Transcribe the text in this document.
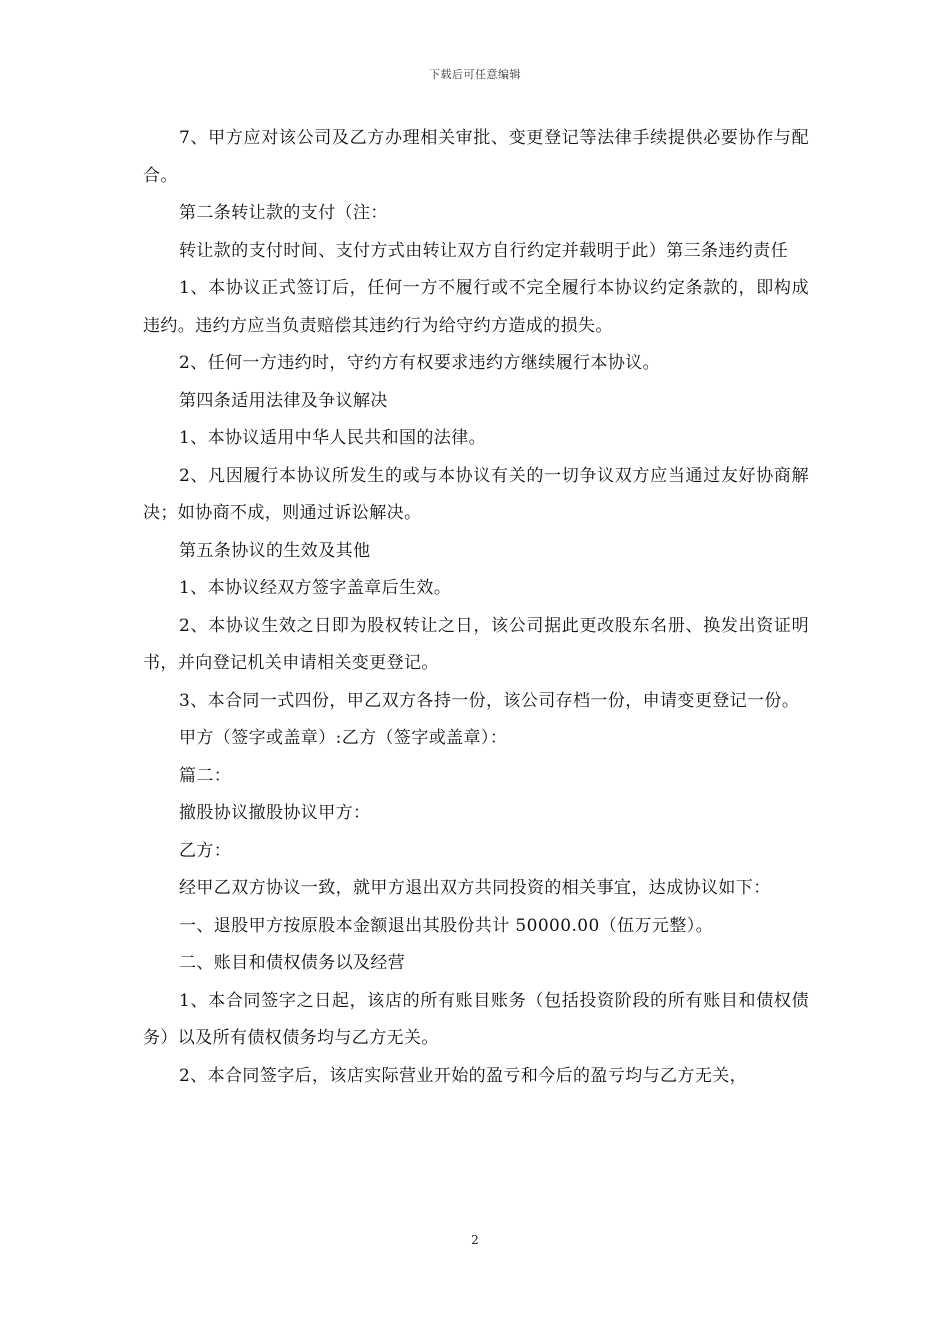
下载后可任意编辑

7、甲方应对该公司及乙方办理相关审批、变更登记等法律手续提供必要协作与配合。

第二条转让款的支付（注：

转让款的支付时间、支付方式由转让双方自行约定并载明于此）第三条违约责任

1、本协议正式签订后，任何一方不履行或不完全履行本协议约定条款的，即构成违约。违约方应当负责赔偿其违约行为给守约方造成的损失。

2、任何一方违约时，守约方有权要求违约方继续履行本协议。

第四条适用法律及争议解决

1、本协议适用中华人民共和国的法律。

2、凡因履行本协议所发生的或与本协议有关的一切争议双方应当通过友好协商解决；如协商不成，则通过诉讼解决。

第五条协议的生效及其他

1、本协议经双方签字盖章后生效。

2、本协议生效之日即为股权转让之日，该公司据此更改股东名册、换发出资证明书，并向登记机关申请相关变更登记。

3、本合同一式四份，甲乙双方各持一份，该公司存档一份，申请变更登记一份。

甲方（签字或盖章）:乙方（签字或盖章）：

篇二：

撤股协议撤股协议甲方：

乙方：

经甲乙双方协议一致，就甲方退出双方共同投资的相关事宜，达成协议如下：

一、退股甲方按原股本金额退出其股份共计 50000.00（伍万元整）。

二、账目和债权债务以及经营

1、本合同签字之日起，该店的所有账目账务（包括投资阶段的所有账目和债权债务）以及所有债权债务均与乙方无关。

2、本合同签字后，该店实际营业开始的盈亏和今后的盈亏均与乙方无关，

2
